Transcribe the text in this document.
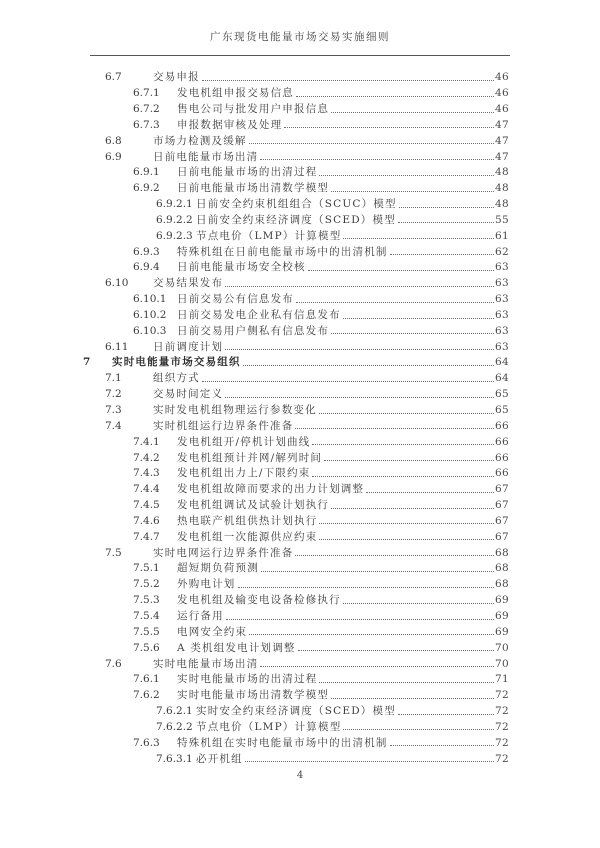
广东现货电能量市场交易实施细则
6.7	交易申报	46
6.7.1	发电机组申报交易信息	46
6.7.2	售电公司与批发用户申报信息	46
6.7.3	申报数据审核及处理	47
6.8	市场力检测及缓解	47
6.9	日前电能量市场出清	47
6.9.1	日前电能量市场的出清过程	48
6.9.2	日前电能量市场出清数学模型	48
6.9.2.1 日前安全约束机组组合（SCUC）模型	48
6.9.2.2 日前安全约束经济调度（SCED）模型	55
6.9.2.3 节点电价（LMP）计算模型	61
6.9.3	特殊机组在日前电能量市场中的出清机制	62
6.9.4	日前电能量市场安全校核	63
6.10	交易结果发布	63
6.10.1	日前交易公有信息发布	63
6.10.2	日前交易发电企业私有信息发布	63
6.10.3	日前交易用户侧私有信息发布	63
6.11	日前调度计划	63
7	实时电能量市场交易组织	64
7.1	组织方式	64
7.2	交易时间定义	65
7.3	实时发电机组物理运行参数变化	65
7.4	实时机组运行边界条件准备	66
7.4.1	发电机组开/停机计划曲线	66
7.4.2	发电机组预计并网/解列时间	66
7.4.3	发电机组出力上/下限约束	66
7.4.4	发电机组故障而要求的出力计划调整	67
7.4.5	发电机组调试及试验计划执行	67
7.4.6	热电联产机组供热计划执行	67
7.4.7	发电机组一次能源供应约束	67
7.5	实时电网运行边界条件准备	68
7.5.1	超短期负荷预测	68
7.5.2	外购电计划	68
7.5.3	发电机组及输变电设备检修执行	69
7.5.4	运行备用	69
7.5.5	电网安全约束	69
7.5.6	A 类机组发电计划调整	70
7.6	实时电能量市场出清	70
7.6.1	实时电能量市场的出清过程	71
7.6.2	实时电能量市场出清数学模型	72
7.6.2.1 实时安全约束经济调度（SCED）模型	72
7.6.2.2 节点电价（LMP）计算模型	72
7.6.3	特殊机组在实时电能量市场中的出清机制	72
7.6.3.1 必开机组	72
4
